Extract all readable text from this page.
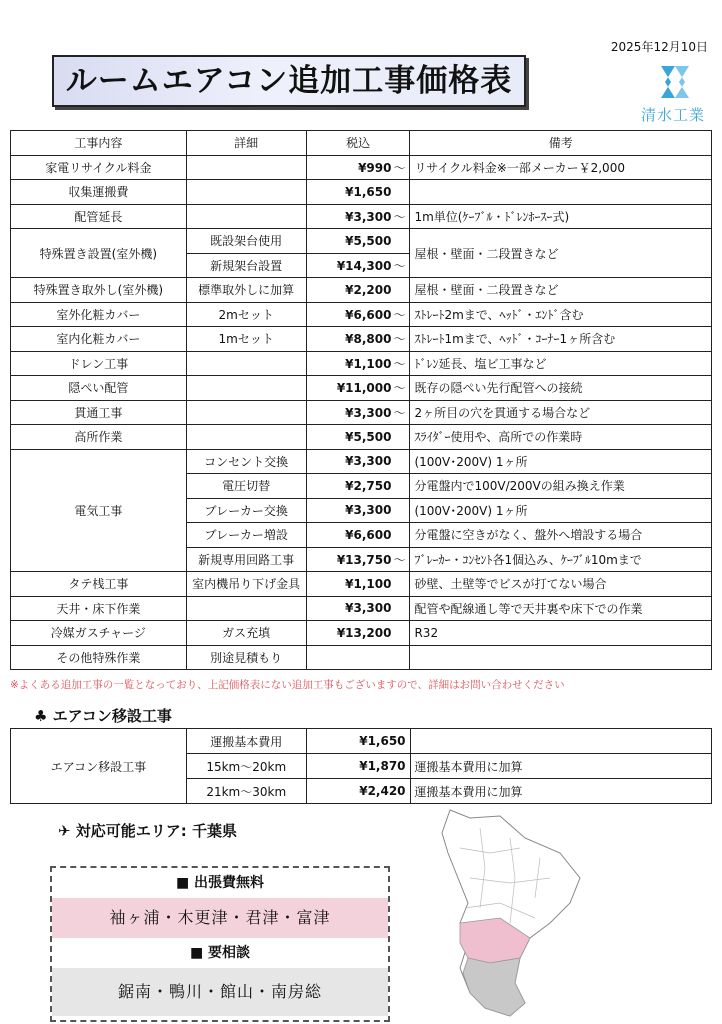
2025年12月10日
ルームエアコン追加工事価格表
清水工業
工事内容	詳細	税込	備考
家電リサイクル料金		¥990 〜	リサイクル料金※一部メーカー￥2,000
収集運搬費		¥1,650	
配管延長		¥3,300 〜	1m単位(ｹｰﾌﾞﾙ・ﾄﾞﾚﾝﾎｰｽｰ式)
特殊置き設置(室外機)	既設架台使用	¥5,500	屋根・壁面・二段置きなど
	新規架台設置	¥14,300 〜	
特殊置き取外し(室外機)	標準取外しに加算	¥2,200	屋根・壁面・二段置きなど
室外化粧カバー	2mセット	¥6,600 〜	ｽﾄﾚｰﾄ2mまで、ﾍｯﾄﾞ・ｴﾝﾄﾞ含む
室内化粧カバー	1mセット	¥8,800 〜	ｽﾄﾚｰﾄ1mまで、ﾍｯﾄﾞ・ｺｰﾅｰ1ヶ所含む
ドレン工事		¥1,100 〜	ﾄﾞﾚﾝ延長、塩ビ工事など
隠ぺい配管		¥11,000 〜	既存の隠ぺい先行配管への接続
貫通工事		¥3,300 〜	2ヶ所目の穴を貫通する場合など
高所作業		¥5,500	ｽﾗｲﾀﾞｰ使用や、高所での作業時
電気工事	コンセント交換	¥3,300	(100V･200V) 1ヶ所
	電圧切替	¥2,750	分電盤内で100V/200Vの組み換え作業
	ブレーカー交換	¥3,300	(100V･200V) 1ヶ所
	ブレーカー増設	¥6,600	分電盤に空きがなく、盤外へ増設する場合
	新規専用回路工事	¥13,750 〜	ﾌﾞﾚｰｶｰ・ｺﾝｾﾝﾄ各1個込み、ｹｰﾌﾞﾙ10mまで
タテ桟工事	室内機吊り下げ金具	¥1,100	砂壁、土壁等でビスが打てない場合
天井・床下作業		¥3,300	配管や配線通し等で天井裏や床下での作業
冷媒ガスチャージ	ガス充填	¥13,200	R32
その他特殊作業	別途見積もり		
※よくある追加工事の一覧となっており、上記価格表にない追加工事もございますので、詳細はお問い合わせください
♣ エアコン移設工事
エアコン移設工事	運搬基本費用	¥1,650	
	15km〜20km	¥1,870	運搬基本費用に加算
	21km〜30km	¥2,420	運搬基本費用に加算
✈ 対応可能エリア: 千葉県
■ 出張費無料
袖ヶ浦・木更津・君津・富津
■ 要相談
鋸南・鴨川・館山・南房総
